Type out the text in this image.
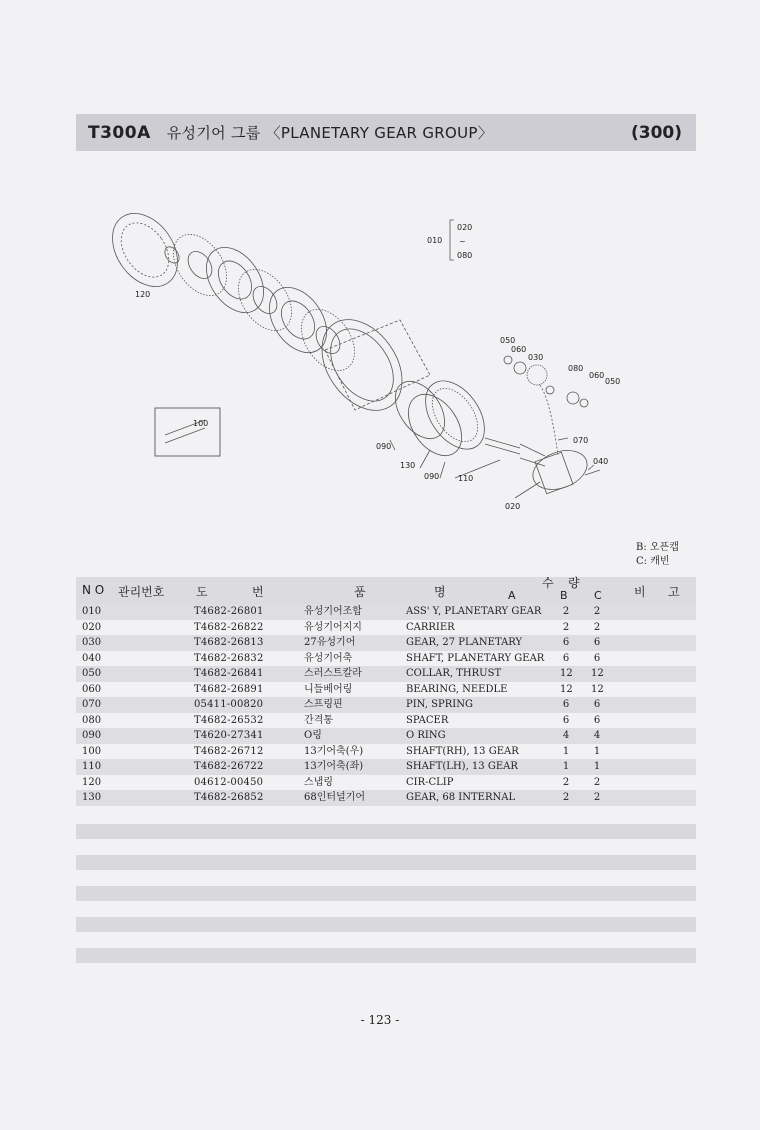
T300A 유성기어 그룹 〈PLANETARY GEAR GROUP〉	(300)
010
020
~
080
120
100
050
060
030
080
060
050
070
040
090
130
090 110
020
B: 오픈캡
C: 캐빈
N O 관리번호	도	번	품	명
수 량
A	B C	비 고
010	T4682-26801	유성기어조합	ASS' Y, PLANETARY GEAR 2 2
020	T4682-26822	유성기어지지	CARRIER	2 2
030	T4682-26813	27유성기어	GEAR, 27 PLANETARY	6 6
040	T4682-26832	유성기어축	SHAFT, PLANETARY GEAR 6 6
050	T4682-26841	스러스트칼라	COLLAR, THRUST	12 12
060	T4682-26891	니들베어링	BEARING, NEEDLE	12 12
070	05411-00820	스프링핀	PIN, SPRING	6 6
080	T4682-26532	간격통	SPACER	6 6
090	T4620-27341	O링	O RING	4 4
100	T4682-26712	13기어축(우)	SHAFT(RH), 13 GEAR	1 1
110	T4682-26722	13기어축(좌)	SHAFT(LH), 13 GEAR	1 1
120	04612-00450	스냅링	CIR-CLIP	2 2
130	T4682-26852	68인터널기어	GEAR, 68 INTERNAL	2 2
- 123 -
